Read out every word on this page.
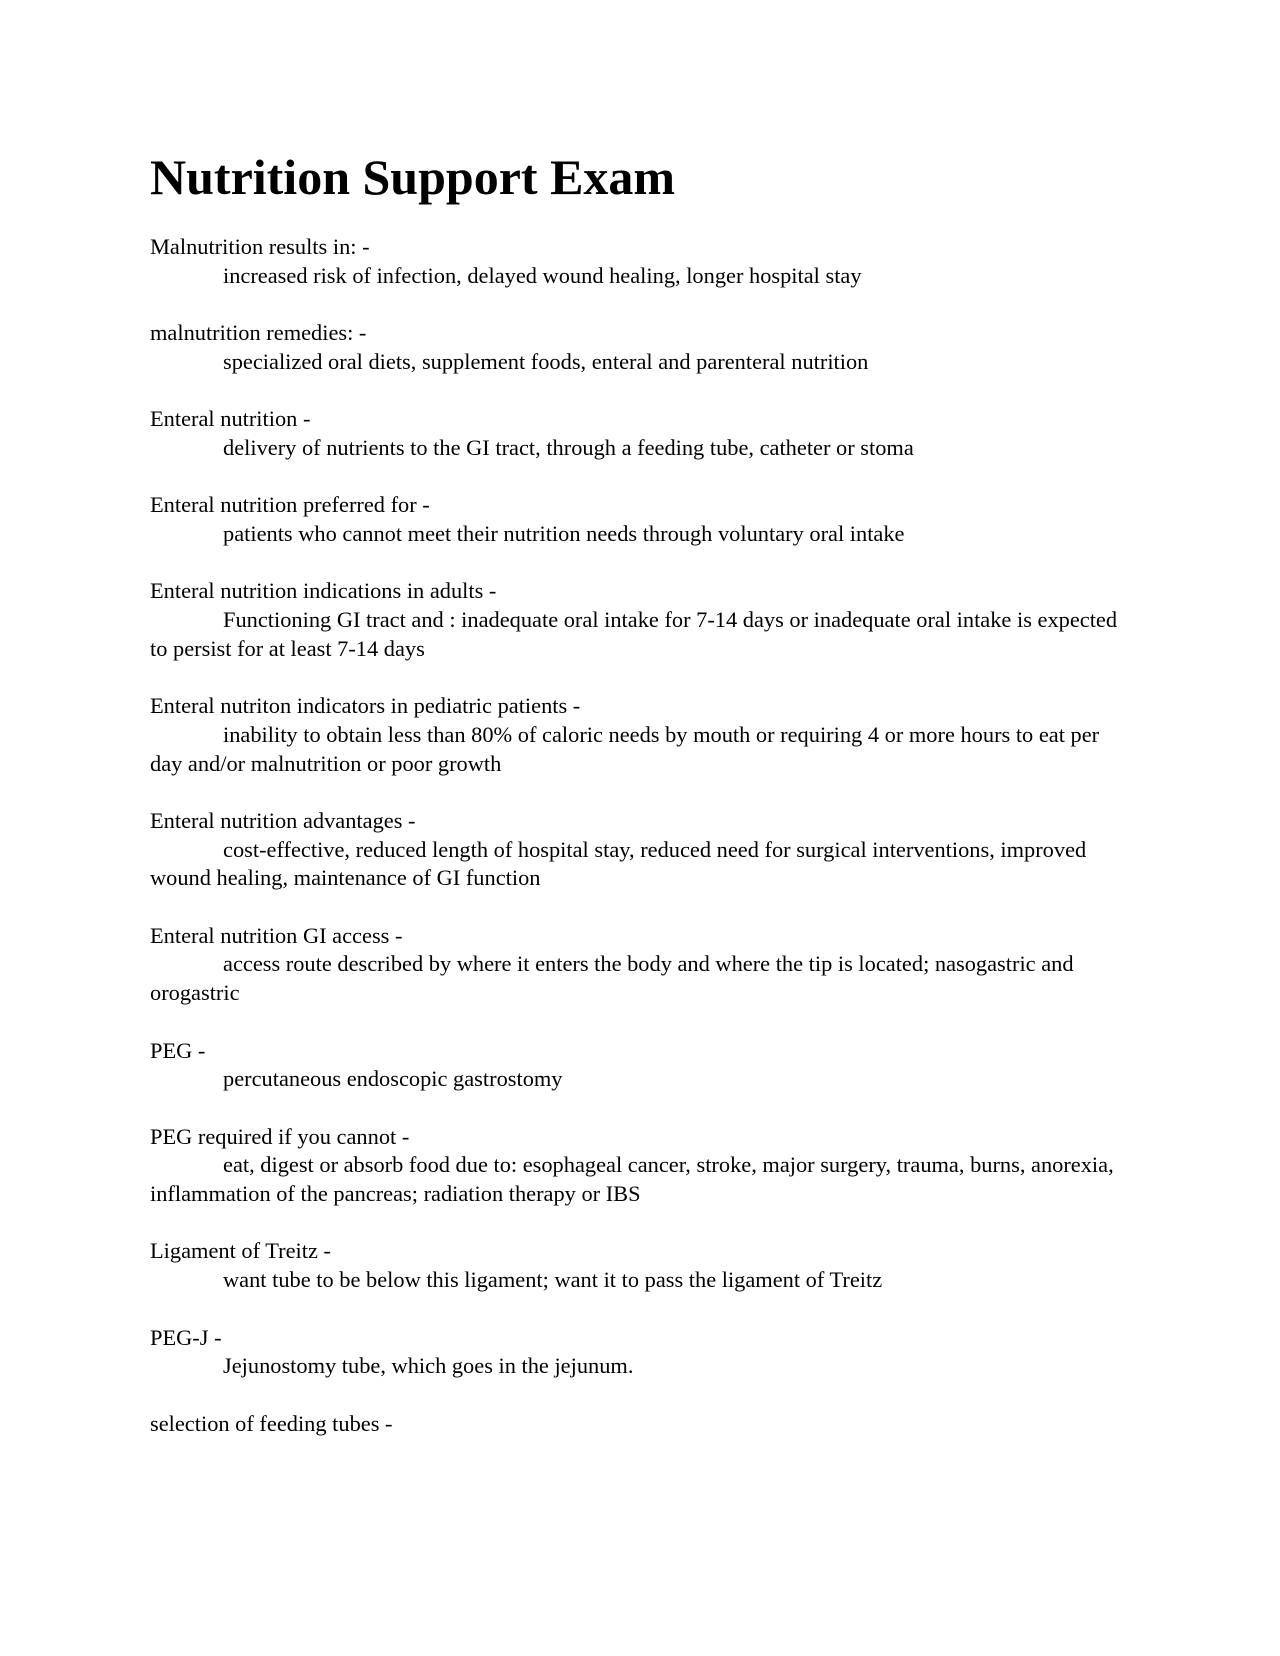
Nutrition Support Exam
Malnutrition results in: -
increased risk of infection, delayed wound healing, longer hospital stay
malnutrition remedies: -
specialized oral diets, supplement foods, enteral and parenteral nutrition
Enteral nutrition -
delivery of nutrients to the GI tract, through a feeding tube, catheter or stoma
Enteral nutrition preferred for -
patients who cannot meet their nutrition needs through voluntary oral intake
Enteral nutrition indications in adults -
Functioning GI tract and : inadequate oral intake for 7-14 days or inadequate oral intake is expected to persist for at least 7-14 days
Enteral nutriton indicators in pediatric patients -
inability to obtain less than 80% of caloric needs by mouth or requiring 4 or more hours to eat per day and/or malnutrition or poor growth
Enteral nutrition advantages -
cost-effective, reduced length of hospital stay, reduced need for surgical interventions, improved wound healing, maintenance of GI function
Enteral nutrition GI access -
access route described by where it enters the body and where the tip is located; nasogastric and orogastric
PEG -
percutaneous endoscopic gastrostomy
PEG required if you cannot -
eat, digest or absorb food due to: esophageal cancer, stroke, major surgery, trauma, burns, anorexia, inflammation of the pancreas; radiation therapy or IBS
Ligament of Treitz -
want tube to be below this ligament; want it to pass the ligament of Treitz
PEG-J -
Jejunostomy tube, which goes in the jejunum.
selection of feeding tubes -
